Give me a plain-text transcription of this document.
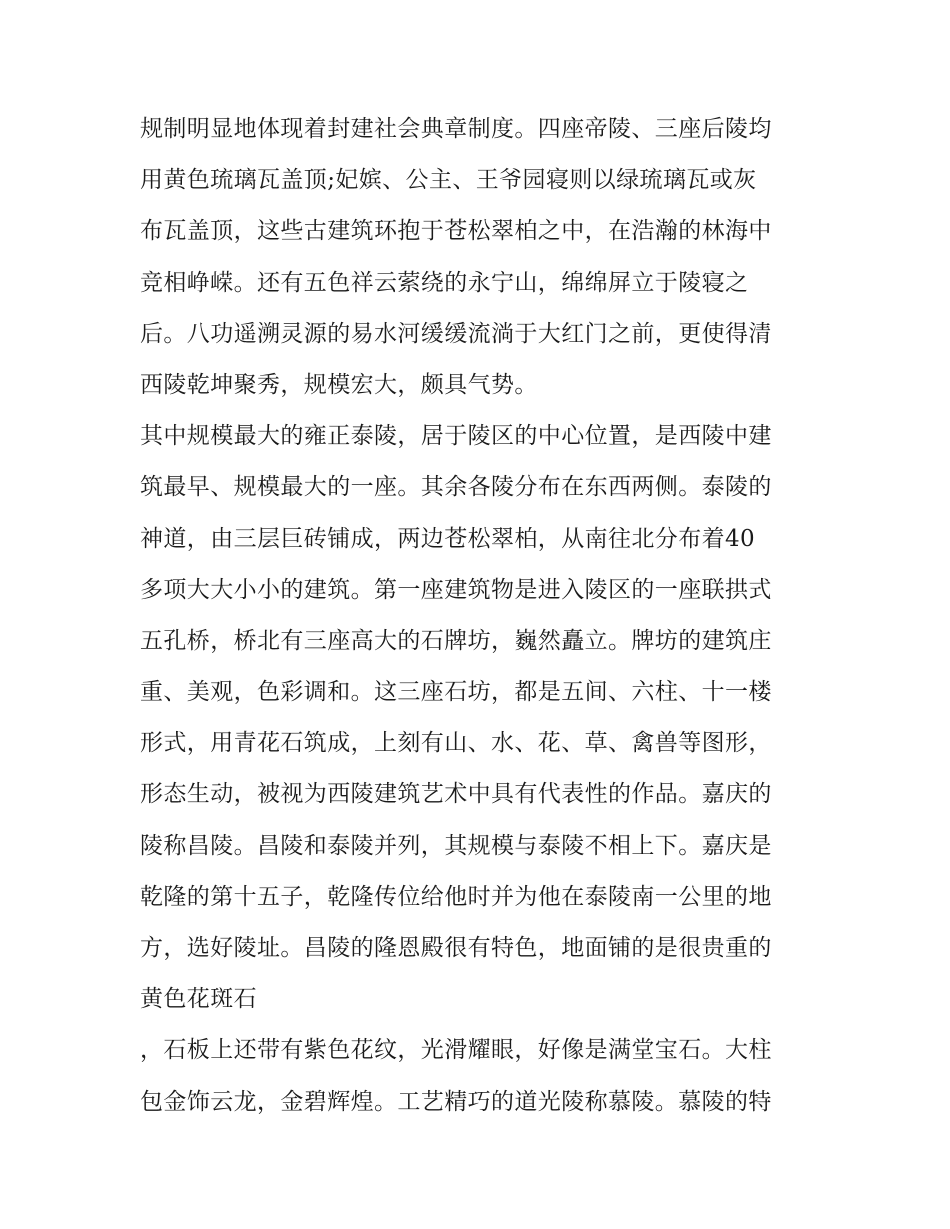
规制明显地体现着封建社会典章制度。四座帝陵、三座后陵均
用黄色琉璃瓦盖顶;妃嫔、公主、王爷园寝则以绿琉璃瓦或灰
布瓦盖顶，这些古建筑环抱于苍松翠柏之中，在浩瀚的林海中
竞相峥嵘。还有五色祥云萦绕的永宁山，绵绵屏立于陵寝之
后。八功遥溯灵源的易水河缓缓流淌于大红门之前，更使得清
西陵乾坤聚秀，规模宏大，颇具气势。
其中规模最大的雍正泰陵，居于陵区的中心位置，是西陵中建
筑最早、规模最大的一座。其余各陵分布在东西两侧。泰陵的
神道，由三层巨砖铺成，两边苍松翠柏，从南往北分布着40
多项大大小小的建筑。第一座建筑物是进入陵区的一座联拱式
五孔桥，桥北有三座高大的石牌坊，巍然矗立。牌坊的建筑庄
重、美观，色彩调和。这三座石坊，都是五间、六柱、十一楼
形式，用青花石筑成，上刻有山、水、花、草、禽兽等图形，
形态生动，被视为西陵建筑艺术中具有代表性的作品。嘉庆的
陵称昌陵。昌陵和泰陵并列，其规模与泰陵不相上下。嘉庆是
乾隆的第十五子，乾隆传位给他时并为他在泰陵南一公里的地
方，选好陵址。昌陵的隆恩殿很有特色，地面铺的是很贵重的
黄色花斑石
，石板上还带有紫色花纹，光滑耀眼，好像是满堂宝石。大柱
包金饰云龙，金碧辉煌。工艺精巧的道光陵称慕陵。慕陵的特
